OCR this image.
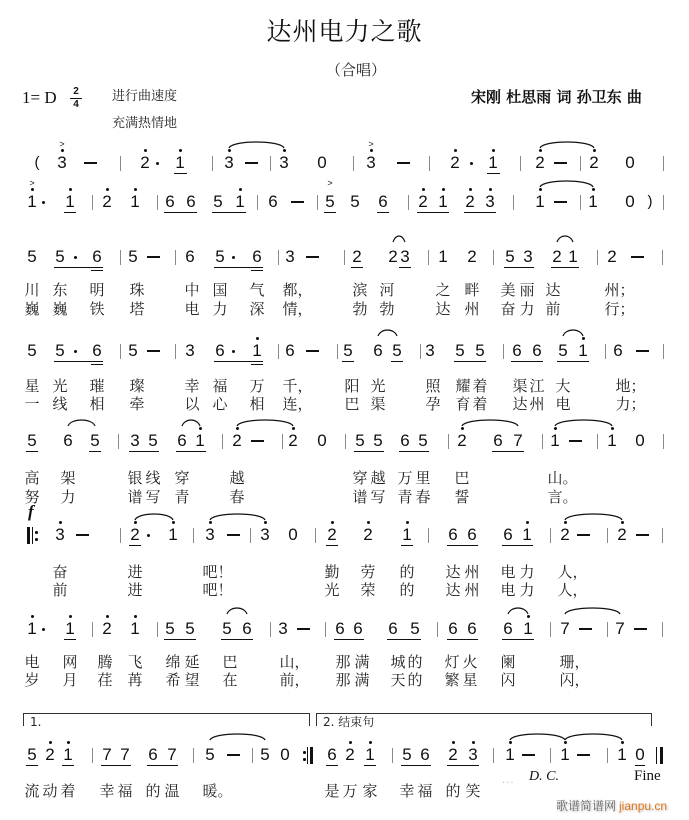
达州电力之歌
（合唱）
1= D $\frac{2}{4}$ 进行曲速度
充满热情地
宋刚 杜思雨 词 孙卫东 曲
(	3
>
2 1 3	3 0 3
>
2 1 2	2 0
1
>
1 2 1 6 6 5 1 6	5
>
5 6 2 1 2 3 1	1 0 )
5 5 6 5	6 5 6 3	2 2 3 1 2 5 3 2 1 2
川 东 明 珠	中 国 气 都，	滨 河	之 畔 美 丽 达	州；
巍 巍 铁 塔	电 力 深 情，	勃 勃	达 州 奋 力 前	行；
5 5 6 5	3 6 1 6	5 6 5 3 5 5 6 6 5 1 6
星 光 璀 璨	幸 福 万 千， 阳 光	照 耀 着 渠 江 大	地；
一 线 相 牵	以 心 相 连， 巴 渠	孕 育 着 达 州 电	力；
5 6 5 3 5 6 1 2	2 0 5 5 6 5 2 6 7 1	1 0
高 架	银 线 穿	越	穿 越 万 里 巴	山。
努 力	谱 写 青	春	谱 写 青 春 誓	言。
3	2 1 3	3 0 2 2 1 6 6 6 1 2	2
奋	进	吧！	勤 劳 的 达 州 电 力 人，
前	进	吧！	光 荣 的 达 州 电 力 人，
1 1 2 1 5 5 5 6 3	6 6 6 5 6 6 6 1 7	7
电 网 腾 飞 绵 延 巴	山， 那 满 城 的 灯 火 阑	珊，
岁 月 荏 苒 希 望 在	前， 那 满 天 的 繁 星 闪	闪，
5 2 1 7 7 6 7 5	5 0 6 2 1 5 6 2 3 1	1	1 0
流 动 着 幸 福 的 温 暖。	是 万 家 幸 福 的 笑
1.	2. 结束句
f
D. C.	Fine
···
歌谱简谱网 jianpu.cn
